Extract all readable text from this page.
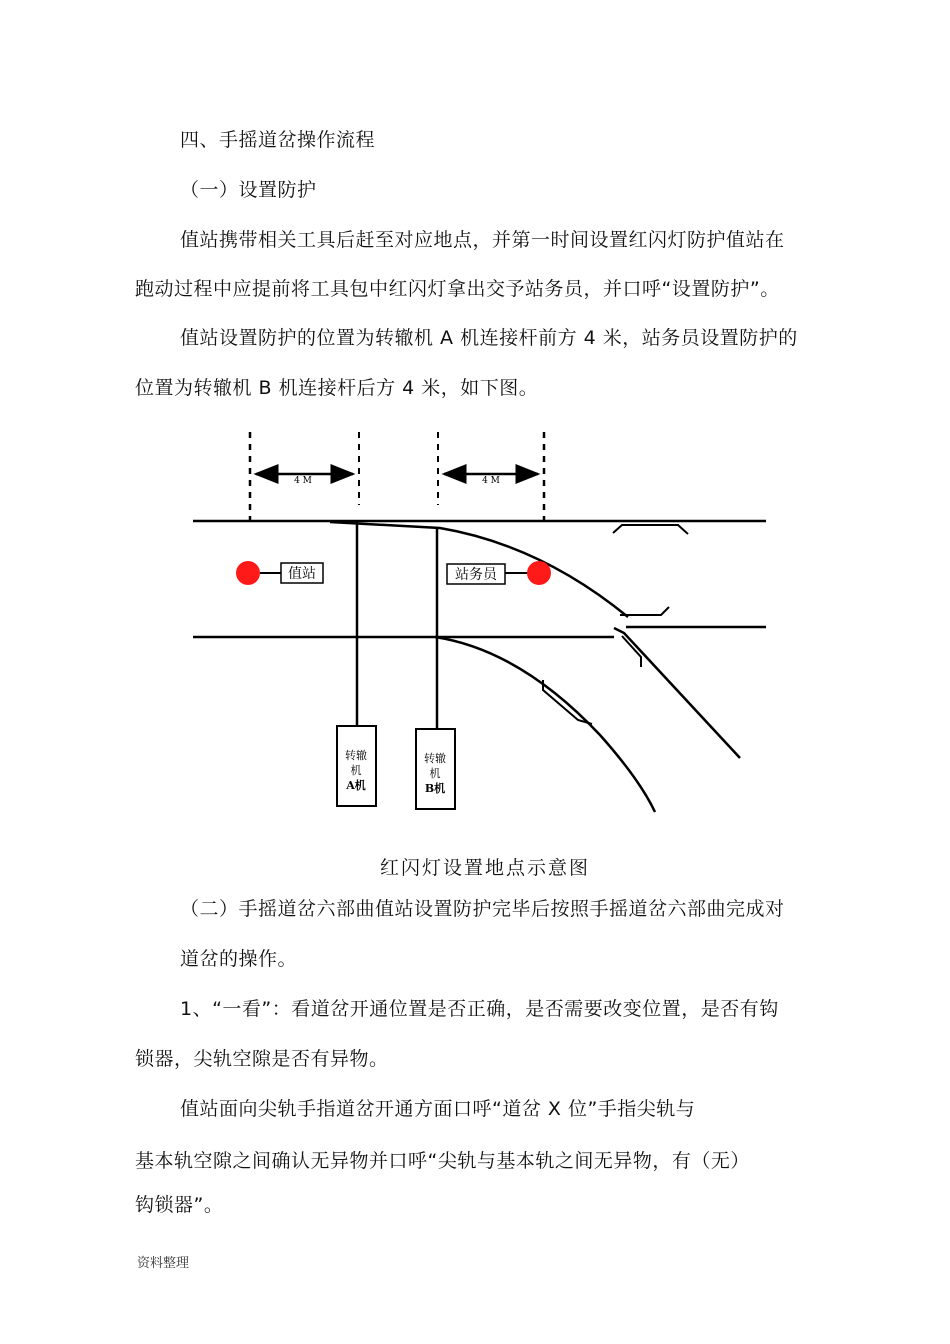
四、手摇道岔操作流程
（一）设置防护
值站携带相关工具后赶至对应地点，并第一时间设置红闪灯防护值站在
跑动过程中应提前将工具包中红闪灯拿出交予站务员，并口呼“设置防护”。
值站设置防护的位置为转辙机 A 机连接杆前方 4 米，站务员设置防护的
位置为转辙机 B 机连接杆后方 4 米，如下图。
4 M	4 M
值站	站务员
转辙
机
A机
转辙
机
B机
红闪灯设置地点示意图
（二）手摇道岔六部曲值站设置防护完毕后按照手摇道岔六部曲完成对
道岔的操作。
1、“一看”：看道岔开通位置是否正确，是否需要改变位置，是否有钩
锁器，尖轨空隙是否有异物。
值站面向尖轨手指道岔开通方面口呼“道岔 X 位”手指尖轨与
基本轨空隙之间确认无异物并口呼“尖轨与基本轨之间无异物，有（无）
钩锁器”。
资料整理
